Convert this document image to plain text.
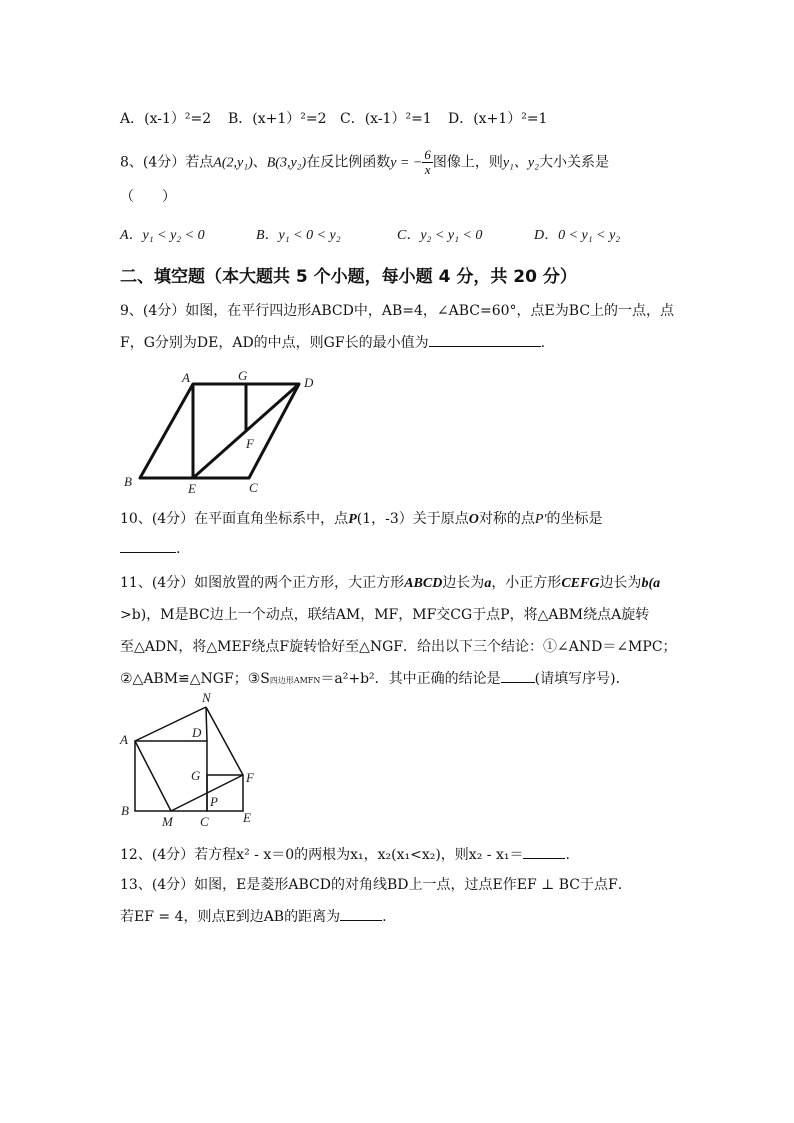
A．(x-1）²=2 B．(x+1）²=2 C．(x-1）²=1 D．(x+1）²=1
8、(4分）若点A(2,y₁)、B(3,y₂)在反比例函数y = − $\frac{6}{x}$ 图像上，则y₁、y₂大小关系是
（　　）
A．y₁ < y₂ < 0	B．y₁ < 0 < y₂	C．y₂ < y₁ < 0	D．0 < y₁ < y₂
二、填空题（本大题共 5 个小题，每小题 4 分，共 20 分）
9、(4分）如图，在平行四边形ABCD中，AB=4，∠ABC=60°，点E为BC上的一点，点
F，G分别为DE，AD的中点，则GF长的最小值为	.
A	G	D
F
B	E	C
10、(4分）在平面直角坐标系中，点P(1，-3）关于原点O对称的点P′的坐标是
.
11、(4分）如图放置的两个正方形，大正方形ABCD边长为a，小正方形CEFG边长为b(a
>b)，M是BC边上一个动点，联结AM，MF，MF交CG于点P，将△ABM绕点A旋转
至△ADN，将△MEF绕点F旋转恰好至△NGF．给出以下三个结论：①∠AND＝∠MPC；
②△ABM≌△NGF；③S四边形AMFN＝a²+b²．其中正确的结论是 (请填写序号)．
N
A	D
G	F
P
B
M C	E
12、(4分）若方程x² - x＝0的两根为x₁，x₂(x₁<x₂)，则x₂ - x₁＝	.
13、(4分）如图，E是菱形ABCD的对角线BD上一点，过点E作EF ⊥ BC于点F．
若EF = 4，则点E到边AB的距离为	.
